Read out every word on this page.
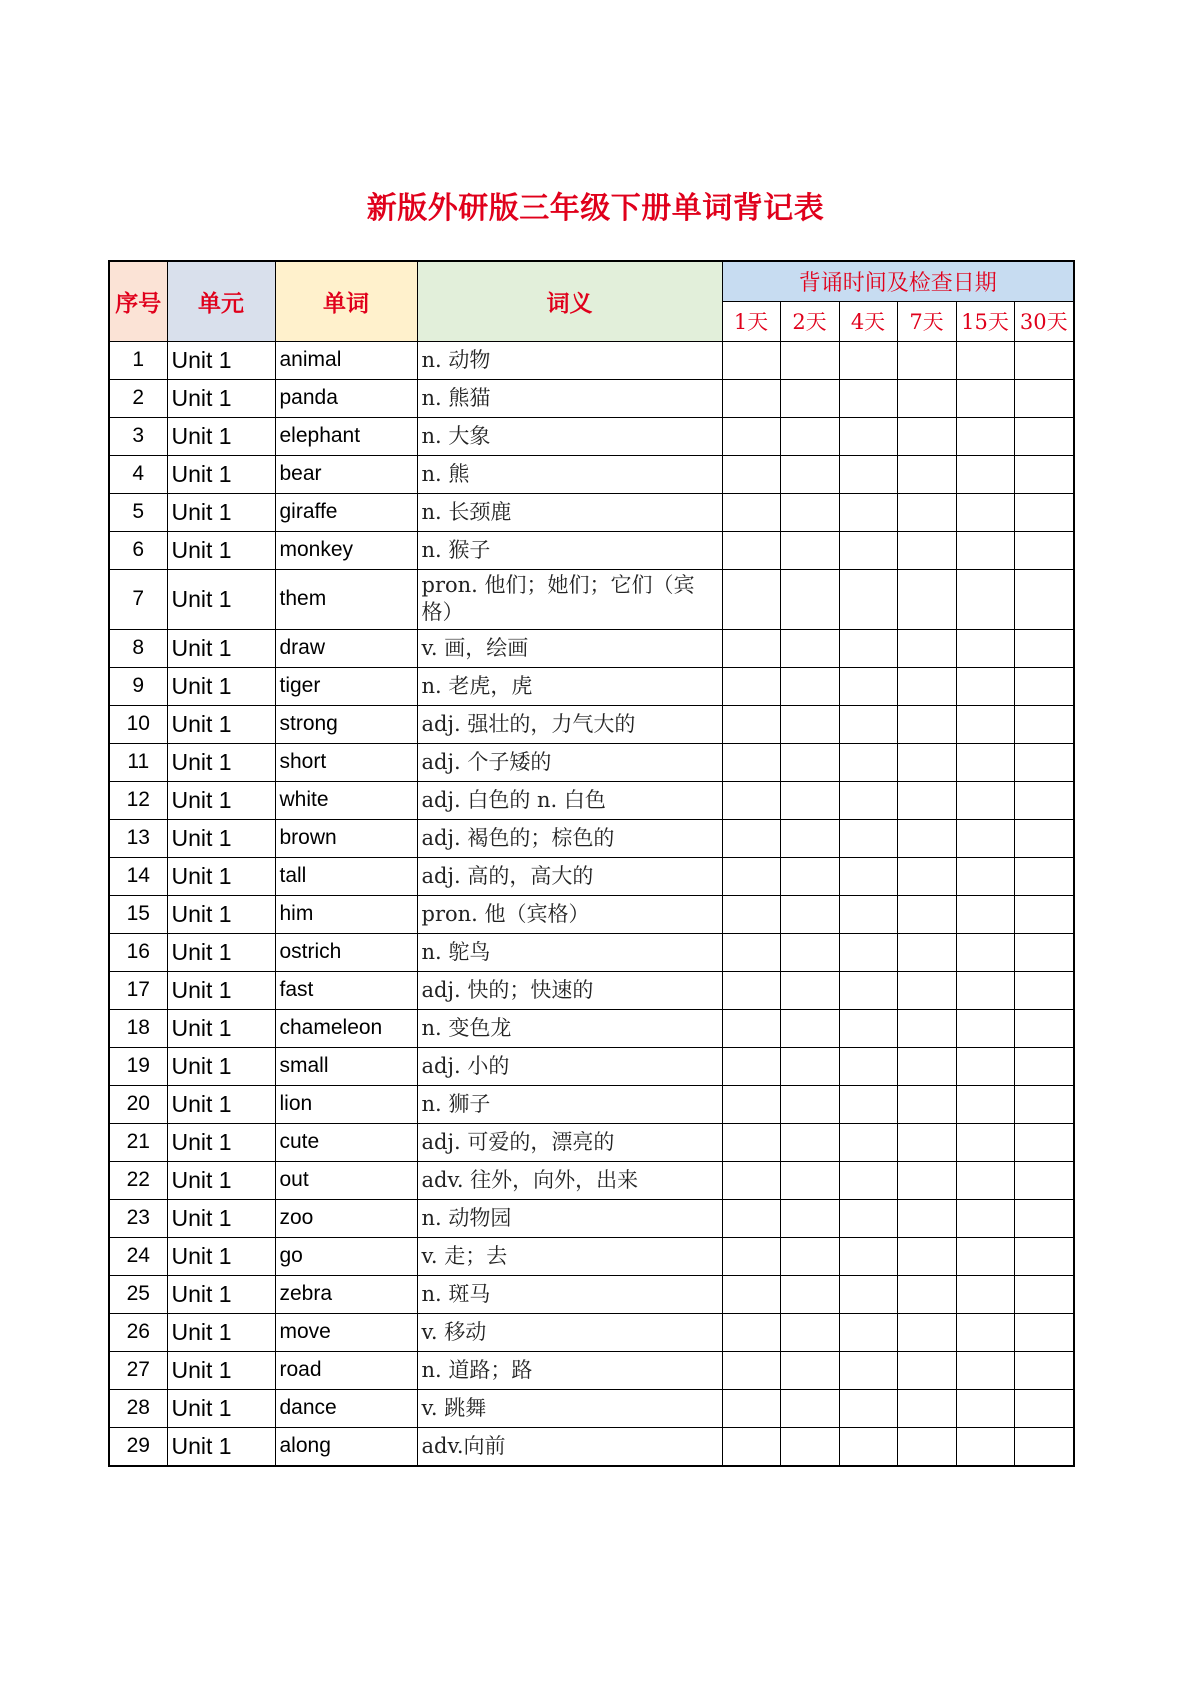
新版外研版三年级下册单词背记表
序号	单元	单词	词义	背诵时间及检查日期					
				1天	2天	4天	7天	15天	30天
1	Unit 1	animal	n. 动物						
2	Unit 1	panda	n. 熊猫						
3	Unit 1	elephant	n. 大象						
4	Unit 1	bear	n. 熊						
5	Unit 1	giraffe	n. 长颈鹿						
6	Unit 1	monkey	n. 猴子						
7	Unit 1	them	pron. 他们；她们；它们（宾格）						
8	Unit 1	draw	v. 画，绘画						
9	Unit 1	tiger	n. 老虎，虎						
10	Unit 1	strong	adj. 强壮的，力气大的						
11	Unit 1	short	adj. 个子矮的						
12	Unit 1	white	adj. 白色的 n. 白色						
13	Unit 1	brown	adj. 褐色的；棕色的						
14	Unit 1	tall	adj. 高的，高大的						
15	Unit 1	him	pron. 他（宾格）						
16	Unit 1	ostrich	n. 鸵鸟						
17	Unit 1	fast	adj. 快的；快速的						
18	Unit 1	chameleon	n. 变色龙						
19	Unit 1	small	adj. 小的						
20	Unit 1	lion	n. 狮子						
21	Unit 1	cute	adj. 可爱的，漂亮的						
22	Unit 1	out	adv. 往外，向外，出来						
23	Unit 1	zoo	n. 动物园						
24	Unit 1	go	v. 走；去						
25	Unit 1	zebra	n. 斑马						
26	Unit 1	move	v. 移动						
27	Unit 1	road	n. 道路；路						
28	Unit 1	dance	v. 跳舞						
29	Unit 1	along	adv.向前						
